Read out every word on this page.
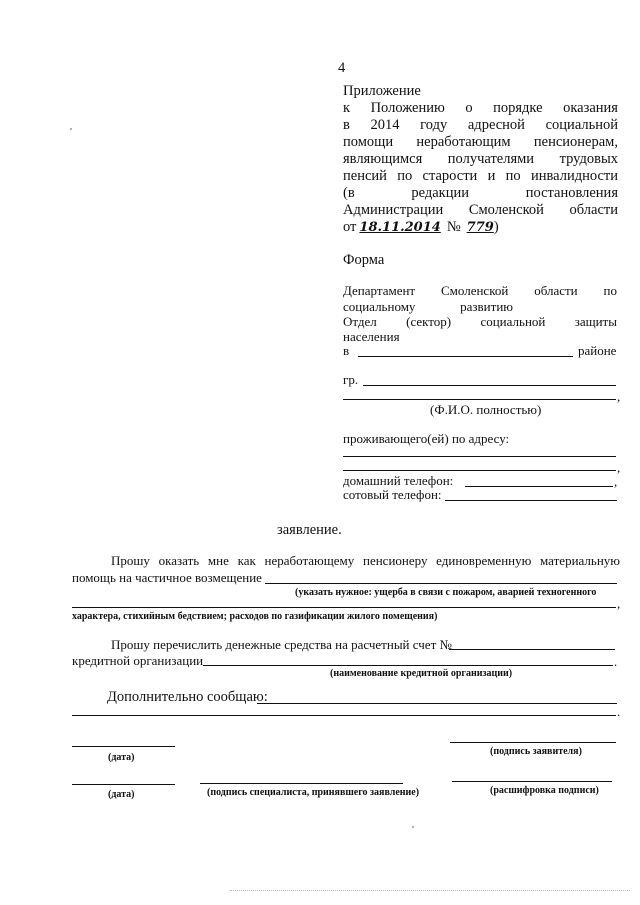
4
Приложение
к Положению о порядке оказания
в 2014 году адресной социальной
помощи неработающим пенсионерам,
являющимся получателями трудовых
пенсий по старости и по инвалидности
(в	редакции	постановления
Администрации Смоленской области
от 18.11.2014 № 779 )
Форма
Департамент Смоленской области по
социальному	развитию
Отдел (сектор) социальной защиты
населения
в	районе
гр.
,
(Ф.И.О. полностью)
проживающего(ей) по адресу:
,
домашний телефон:	,
сотовый телефон:
заявление.
Прошу оказать мне как неработающему пенсионеру единовременную материальную
помощь на частичное возмещение
(указать нужное: ущерба в связи с пожаром, аварией техногенного
,
характера, стихийным бедствием; расходов по газификации жилого помещения)
Прошу перечислить денежные средства на расчетный счет №
кредитной организации	.
(наименование кредитной организации)
Дополнительно сообщаю:
.
(дата)
(подпись заявителя)
(дата)	(подпись специалиста, принявшего заявление)	(расшифровка подписи)
